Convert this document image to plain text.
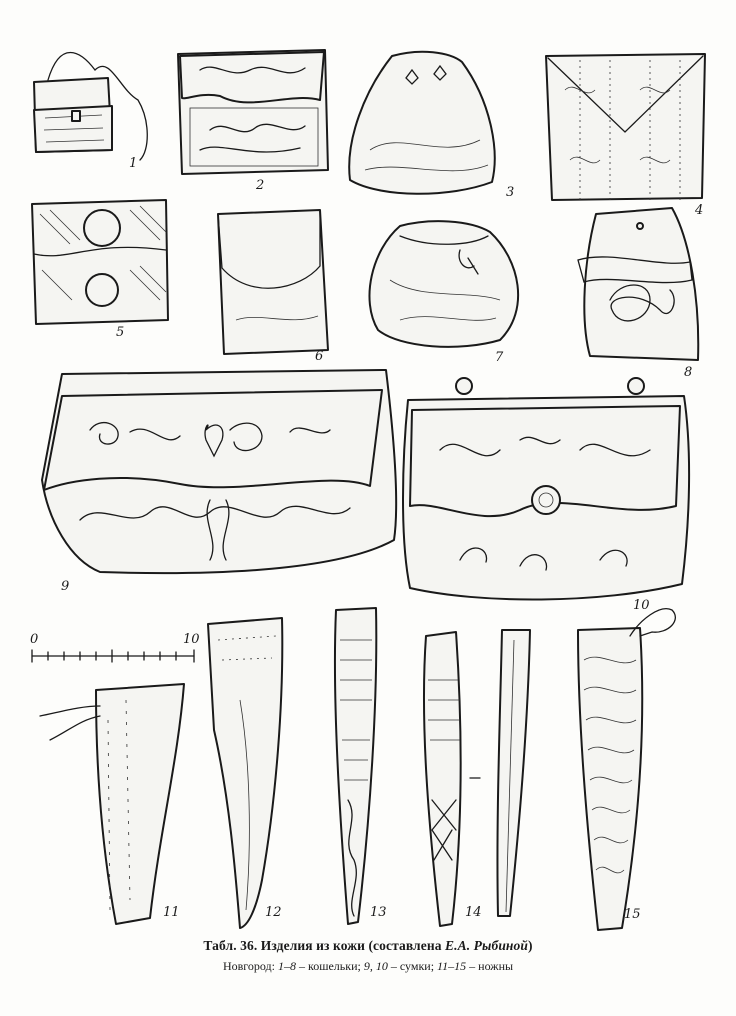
1
2	3
4
5
6	7
8
9
10
0	10
11	12	13	14	15
Табл. 36. Изделия из кожи (составлена Е.А. Рыбиной)
Новгород: 1–8 – кошельки; 9, 10 – сумки; 11–15 – ножны
